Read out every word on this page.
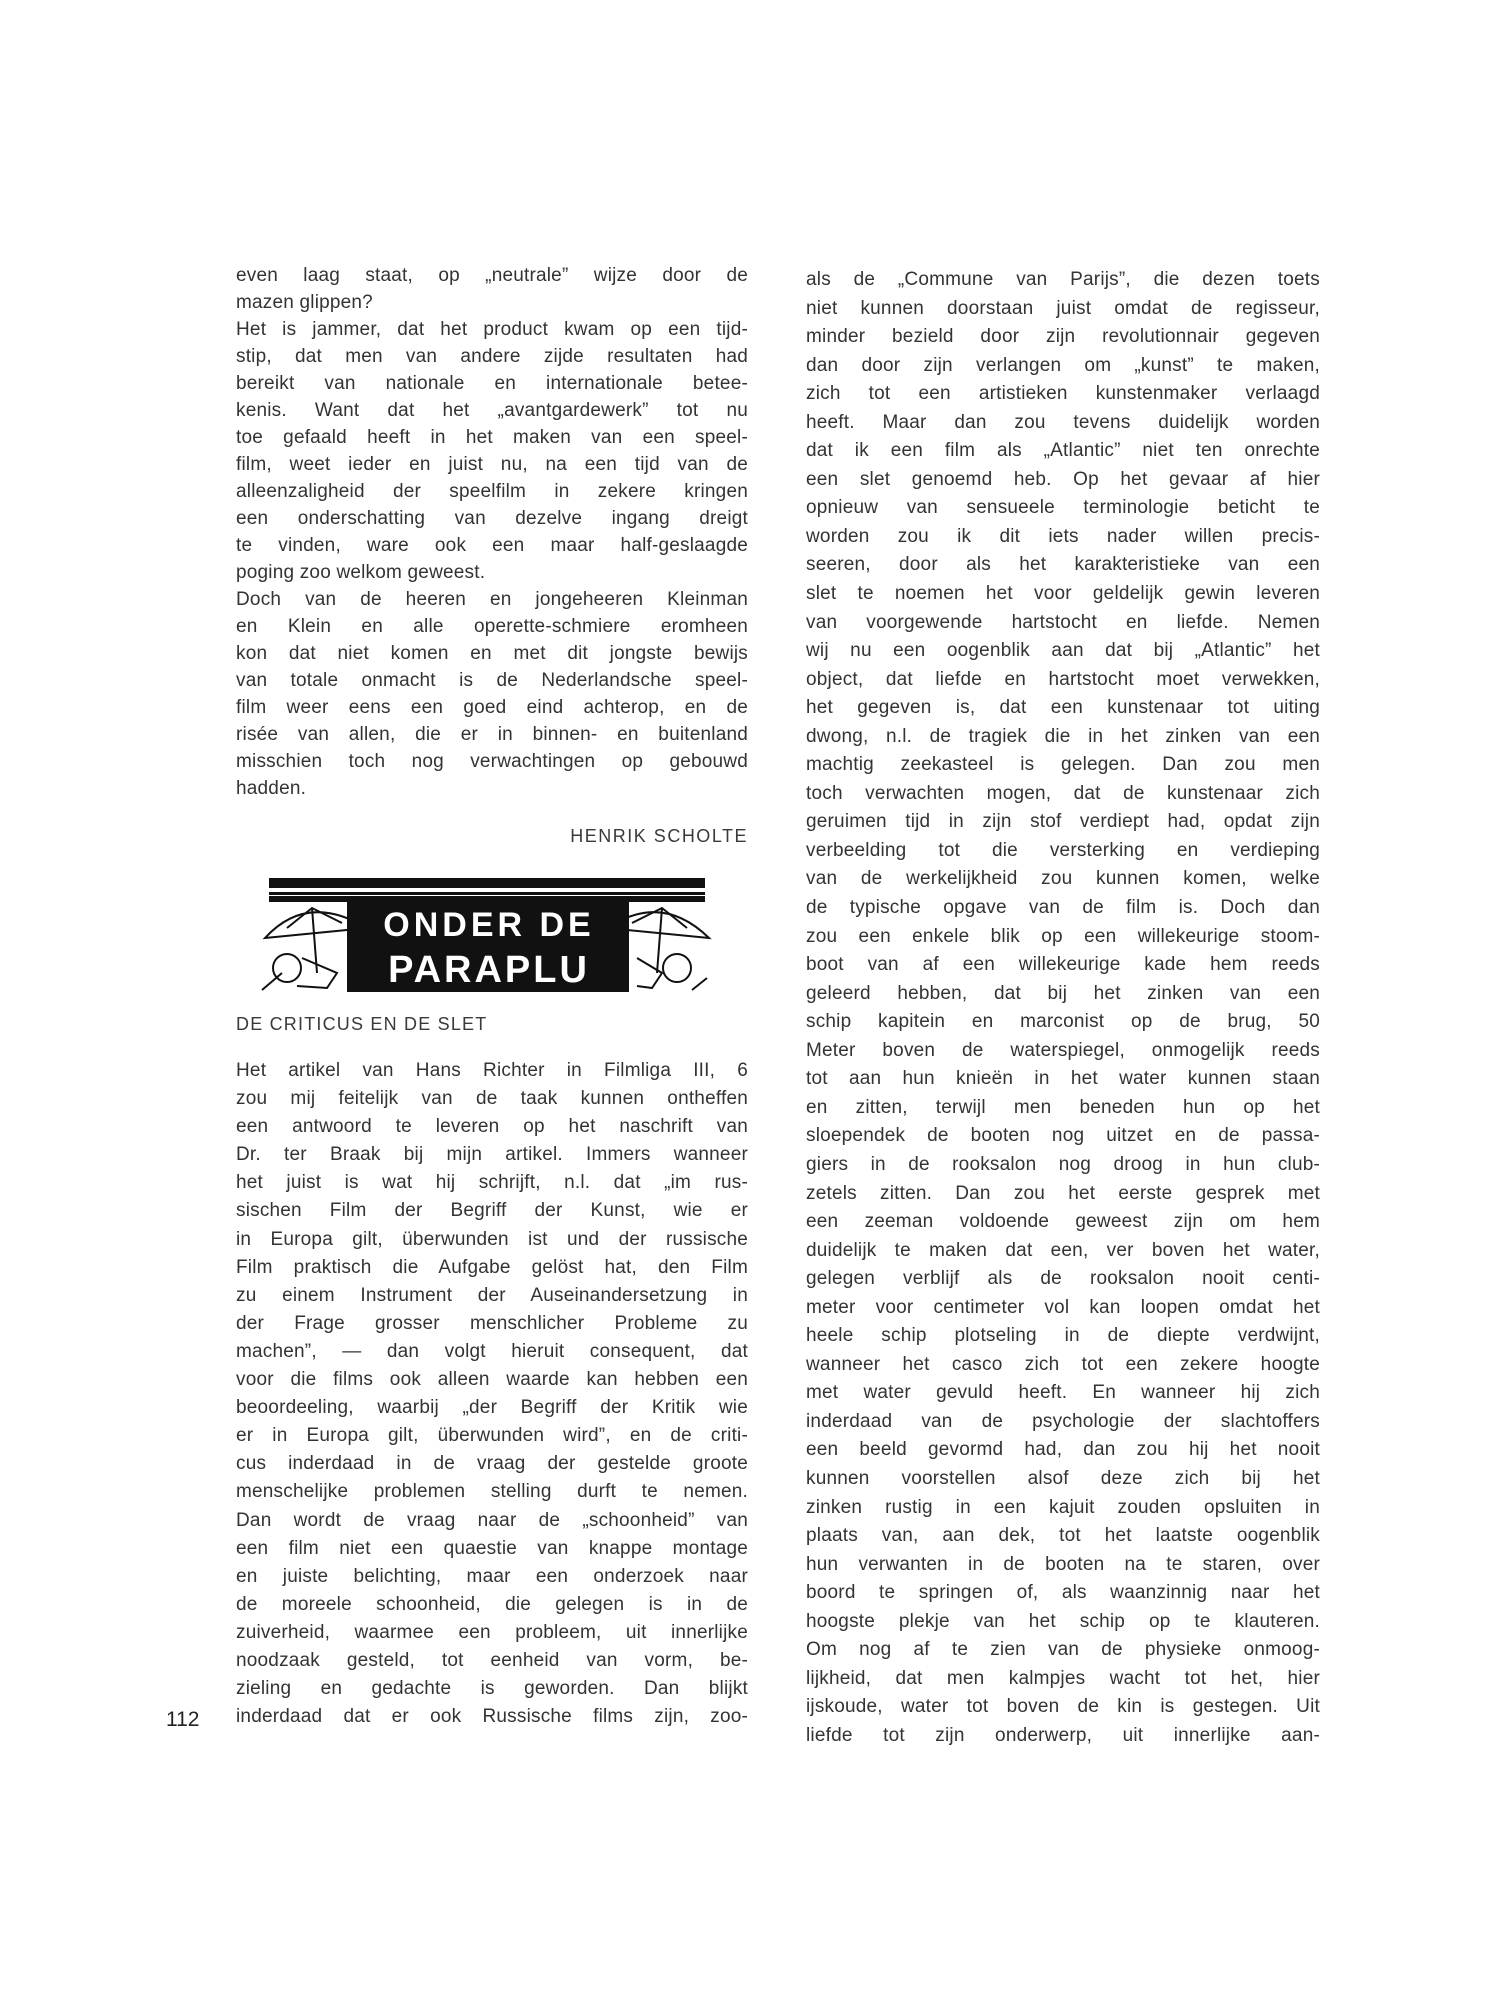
even laag staat, op „neutrale” wijze door de
mazen glippen?
Het is jammer, dat het product kwam op een tijd-
stip, dat men van andere zijde resultaten had
bereikt van nationale en internationale betee-
kenis. Want dat het „avantgardewerk” tot nu
toe gefaald heeft in het maken van een speel-
film, weet ieder en juist nu, na een tijd van de
alleenzaligheid der speelfilm in zekere kringen
een onderschatting van dezelve ingang dreigt
te vinden, ware ook een maar half-geslaagde
poging zoo welkom geweest.
Doch van de heeren en jongeheeren Kleinman
en Klein en alle operette-schmiere eromheen
kon dat niet komen en met dit jongste bewijs
van totale onmacht is de Nederlandsche speel-
film weer eens een goed eind achterop, en de
risée van allen, die er in binnen- en buitenland
misschien toch nog verwachtingen op gebouwd
hadden.
HENRIK SCHOLTE
ONDER DE
PARAPLU
DE CRITICUS EN DE SLET
Het artikel van Hans Richter in Filmliga III, 6
zou mij feitelijk van de taak kunnen ontheffen
een antwoord te leveren op het naschrift van
Dr. ter Braak bij mijn artikel. Immers wanneer
het juist is wat hij schrijft, n.l. dat „im rus-
sischen Film der Begriff der Kunst, wie er
in Europa gilt, überwunden ist und der russische
Film praktisch die Aufgabe gelöst hat, den Film
zu einem Instrument der Auseinandersetzung in
der Frage grosser menschlicher Probleme zu
machen”, — dan volgt hieruit consequent, dat
voor die films ook alleen waarde kan hebben een
beoordeeling, waarbij „der Begriff der Kritik wie
er in Europa gilt, überwunden wird”, en de criti-
cus inderdaad in de vraag der gestelde groote
menschelijke problemen stelling durft te nemen.
Dan wordt de vraag naar de „schoonheid” van
een film niet een quaestie van knappe montage
en juiste belichting, maar een onderzoek naar
de moreele schoonheid, die gelegen is in de
zuiverheid, waarmee een probleem, uit innerlijke
noodzaak gesteld, tot eenheid van vorm, be-
zieling en gedachte is geworden. Dan blijkt
inderdaad dat er ook Russische films zijn, zoo-
112
als de „Commune van Parijs”, die dezen toets
niet kunnen doorstaan juist omdat de regisseur,
minder bezield door zijn revolutionnair gegeven
dan door zijn verlangen om „kunst” te maken,
zich tot een artistieken kunstenmaker verlaagd
heeft. Maar dan zou tevens duidelijk worden
dat ik een film als „Atlantic” niet ten onrechte
een slet genoemd heb. Op het gevaar af hier
opnieuw van sensueele terminologie beticht te
worden zou ik dit iets nader willen precis-
seeren, door als het karakteristieke van een
slet te noemen het voor geldelijk gewin leveren
van voorgewende hartstocht en liefde. Nemen
wij nu een oogenblik aan dat bij „Atlantic” het
object, dat liefde en hartstocht moet verwekken,
het gegeven is, dat een kunstenaar tot uiting
dwong, n.l. de tragiek die in het zinken van een
machtig zeekasteel is gelegen. Dan zou men
toch verwachten mogen, dat de kunstenaar zich
geruimen tijd in zijn stof verdiept had, opdat zijn
verbeelding tot die versterking en verdieping
van de werkelijkheid zou kunnen komen, welke
de typische opgave van de film is. Doch dan
zou een enkele blik op een willekeurige stoom-
boot van af een willekeurige kade hem reeds
geleerd hebben, dat bij het zinken van een
schip kapitein en marconist op de brug, 50
Meter boven de waterspiegel, onmogelijk reeds
tot aan hun knieën in het water kunnen staan
en zitten, terwijl men beneden hun op het
sloependek de booten nog uitzet en de passa-
giers in de rooksalon nog droog in hun club-
zetels zitten. Dan zou het eerste gesprek met
een zeeman voldoende geweest zijn om hem
duidelijk te maken dat een, ver boven het water,
gelegen verblijf als de rooksalon nooit centi-
meter voor centimeter vol kan loopen omdat het
heele schip plotseling in de diepte verdwijnt,
wanneer het casco zich tot een zekere hoogte
met water gevuld heeft. En wanneer hij zich
inderdaad van de psychologie der slachtoffers
een beeld gevormd had, dan zou hij het nooit
kunnen voorstellen alsof deze zich bij het
zinken rustig in een kajuit zouden opsluiten in
plaats van, aan dek, tot het laatste oogenblik
hun verwanten in de booten na te staren, over
boord te springen of, als waanzinnig naar het
hoogste plekje van het schip op te klauteren.
Om nog af te zien van de physieke onmoog-
lijkheid, dat men kalmpjes wacht tot het, hier
ijskoude, water tot boven de kin is gestegen. Uit
liefde tot zijn onderwerp, uit innerlijke aan-
